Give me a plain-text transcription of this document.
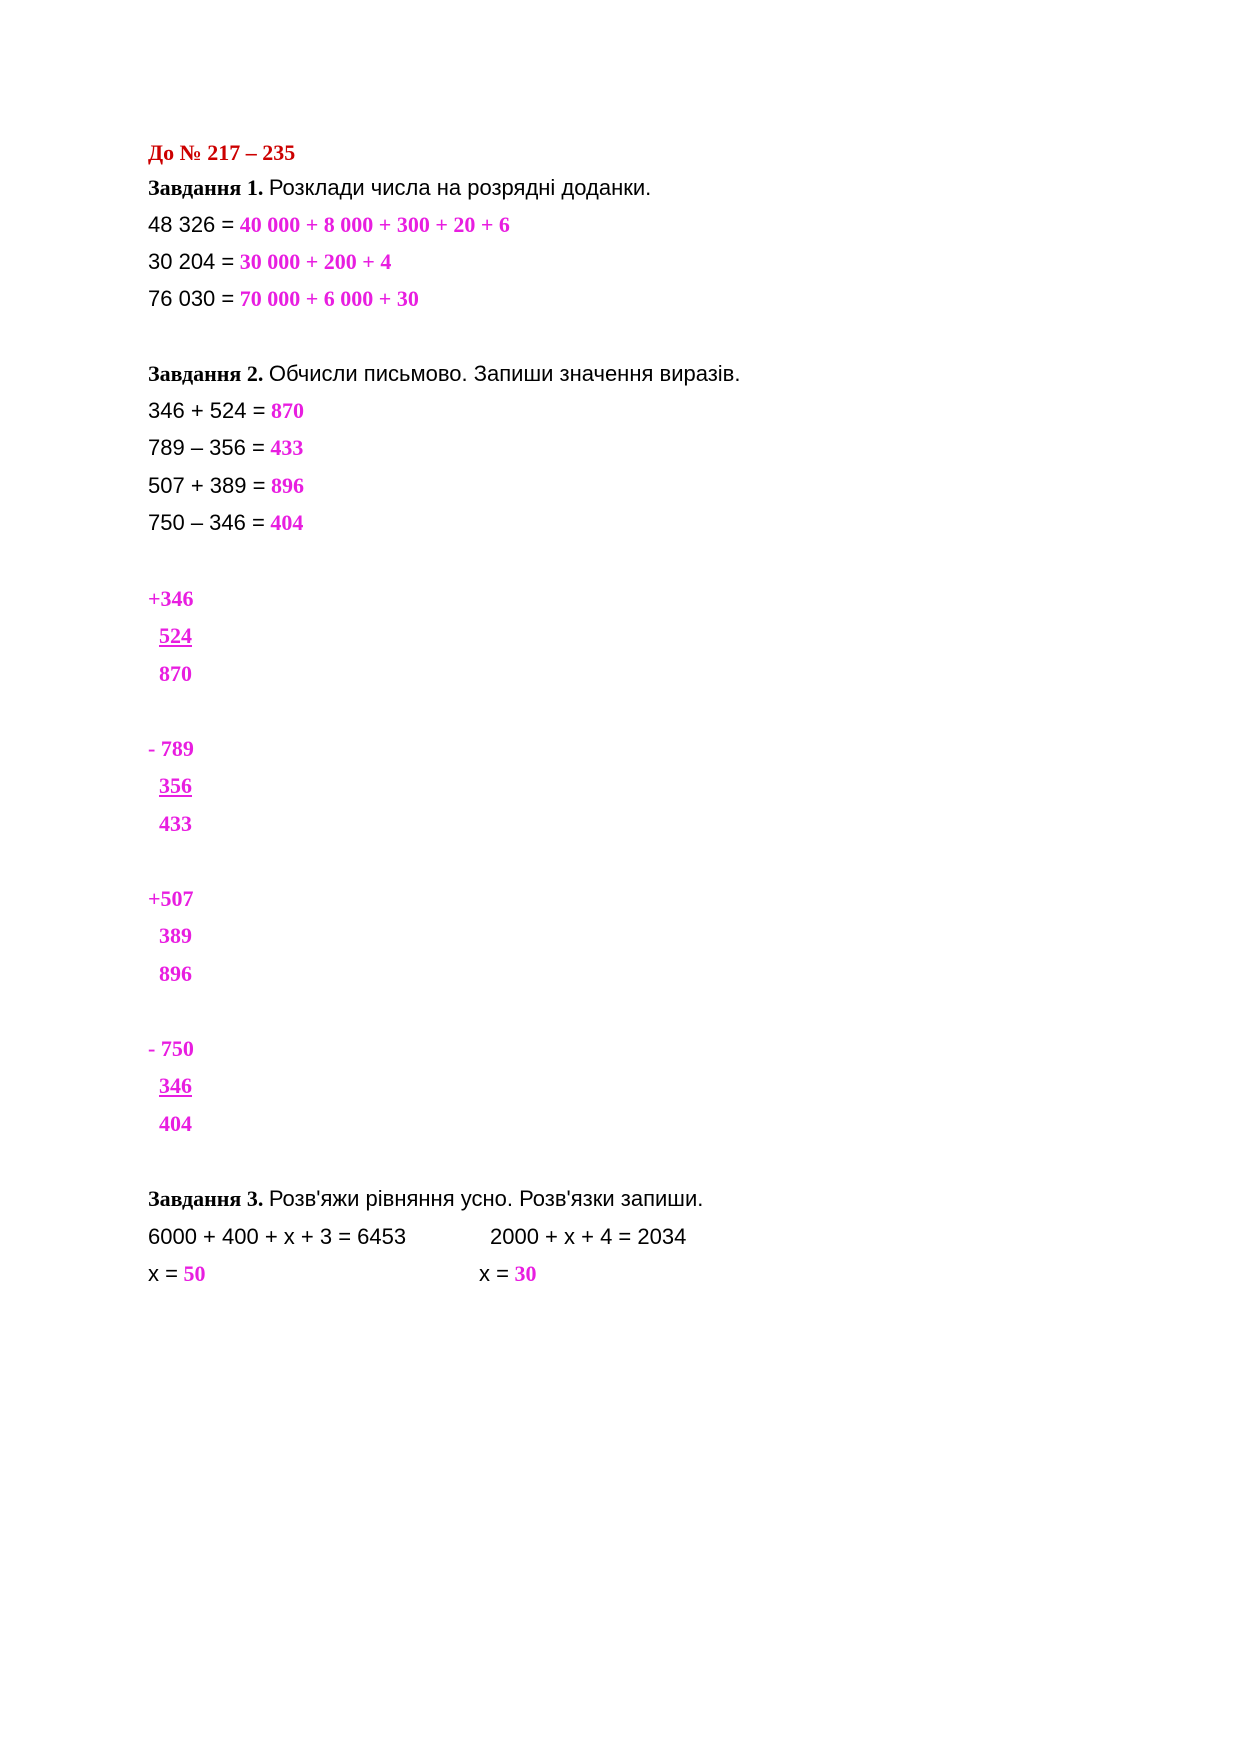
До № 217 – 235
Завдання 1. Розклади числа на розрядні доданки.
48 326 = 40 000 + 8 000 + 300 + 20 + 6
30 204 = 30 000 + 200 + 4
76 030 = 70 000 + 6 000 + 30
Завдання 2. Обчисли письмово. Запиши значення виразів.
346 + 524 = 870
789 – 356 = 433
507 + 389 = 896
750 – 346 = 404
+346
524
870
- 789
356
433
+507
389
896
- 750
346
404
Завдання 3. Розв'яжи рівняння усно. Розв'язки запиши.
6000 + 400 + x + 3 = 6453	2000 + x + 4 = 2034
x = 50	x = 30
